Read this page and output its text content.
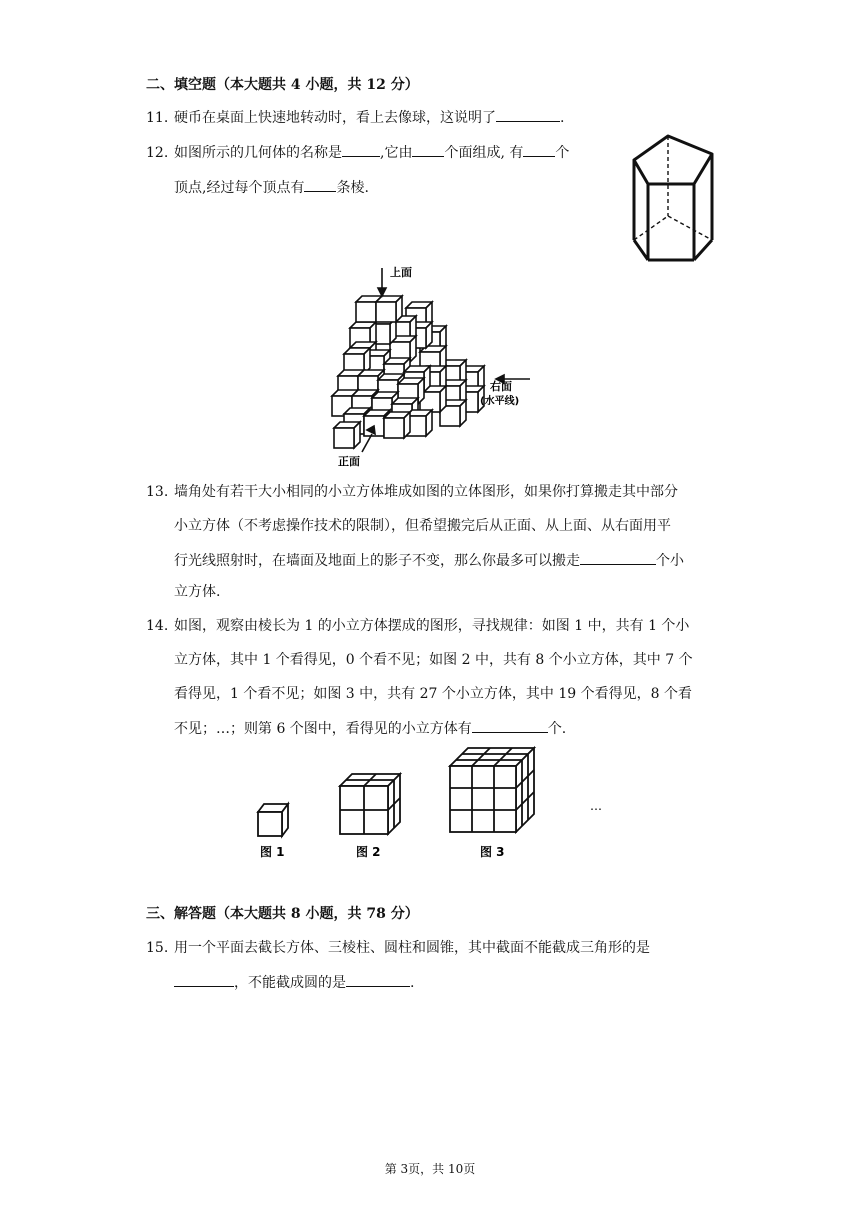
二、填空题（本大题共 4 小题，共 12 分）
11. 硬币在桌面上快速地转动时，看上去像球，这说明了	.
12. 如图所示的几何体的名称是	,它由 个面组成, 有 个
顶点,经过每个顶点有 条棱.
上面
右面
(水平线)
正面
13. 墙角处有若干大小相同的小立方体堆成如图的立体图形，如果你打算搬走其中部分
小立方体（不考虑操作技术的限制），但希望搬完后从正面、从上面、从右面用平
行光线照射时，在墙面及地面上的影子不变，那么你最多可以搬走	个小
立方体.
14. 如图，观察由棱长为 1 的小立方体摆成的图形，寻找规律：如图 1 中，共有 1 个小
立方体，其中 1 个看得见，0 个看不见；如图 2 中，共有 8 个小立方体，其中 7 个
看得见，1 个看不见；如图 3 中，共有 27 个小立方体，其中 19 个看得见，8 个看
不见；…；则第 6 个图中，看得见的小立方体有	个.
图 1	图 2	图 3
…
三、解答题（本大题共 8 小题，共 78 分）
15. 用一个平面去截长方体、三棱柱、圆柱和圆锥，其中截面不能截成三角形的是
，不能截成圆的是	.
第 3页，共 10页
